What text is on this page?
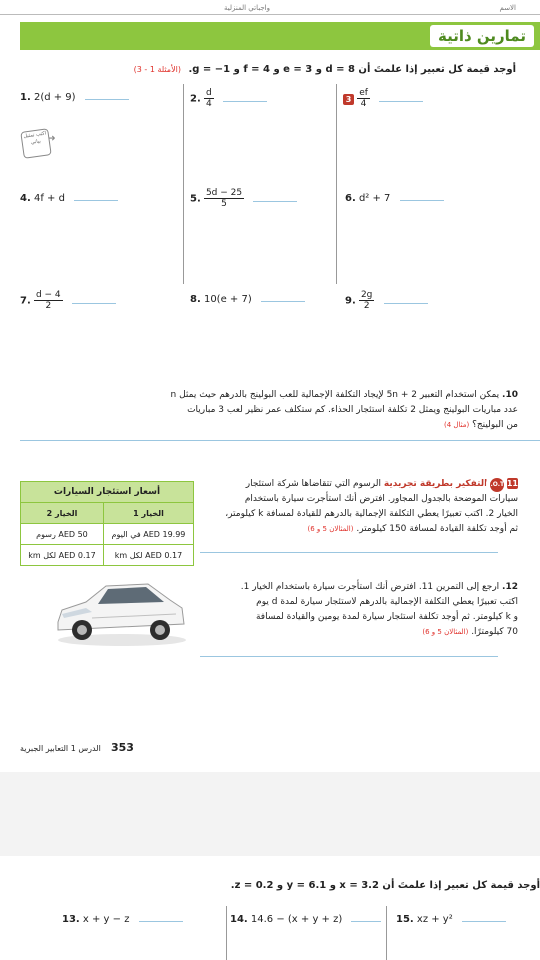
الاسم
واجباتي المنزلية
تمارين ذاتية
أوجد قيمة كل تعبير إذا علمتَ أن d = 8 و e = 3 و f = 4 و g = −1. (الأمثلة 1 - 3)
1. 2(d + 9)	2. $\frac{d}{4}$
	$3 \frac{ef}{4}$

اكتب تمثيل بياني ➜
4. 4f + d	5. $\frac{5d - 25}{5}$
	6. d² + 7
7. $\frac{d - 4}{2}$
	8. 10(e + 7)	9. $\frac{2g}{2}$

10. يمكن استخدام التعبير 5n + 2 لإيجاد التكلفة الإجمالية للعب البولينج بالدرهم حيث يمثل n
عدد مباريات البولينج ويمثل 2 تكلفة استئجار الحذاء. كم ستكلف عمر نظير لعب 3 مباريات
من البولينج؟ (مثال 4)
11 H.O.T التفكير بطريقة تجريدية الرسوم التي تتقاضاها شركة استئجار
سيارات الموضحة بالجدول المجاور. افترض أنك استأجرت سيارة باستخدام
الخيار 2. اكتب تعبيرًا يعطي التكلفة الإجمالية بالدرهم للقيادة لمسافة k كيلومتر،
ثم أوجد تكلفة القيادة لمسافة 150 كيلومتر. (المثالان 5 و 6)
أسعار استئجار السيارات	
الخيار 1	الخيار 2
AED 19.99 في اليوم	AED 50 رسوم
AED 0.17 لكل km	AED 0.17 لكل km
12. ارجع إلى التمرين 11. افترض أنك استأجرت سيارة باستخدام الخيار 1.
اكتب تعبيرًا يعطي التكلفة الإجمالية بالدرهم لاستئجار سيارة لمدة d يوم
و k كيلومتر. ثم أوجد تكلفة استئجار سيارة لمدة يومين والقيادة لمسافة
70 كيلومترًا. (المثالان 5 و 6)
353    الدرس 1 التعابير الجبرية
أوجد قيمة كل تعبير إذا علمتَ أن x = 3.2 و y = 6.1 و z = 0.2.
13. x + y − z	14. 14.6 − (x + y + z)	15. xz + y²
